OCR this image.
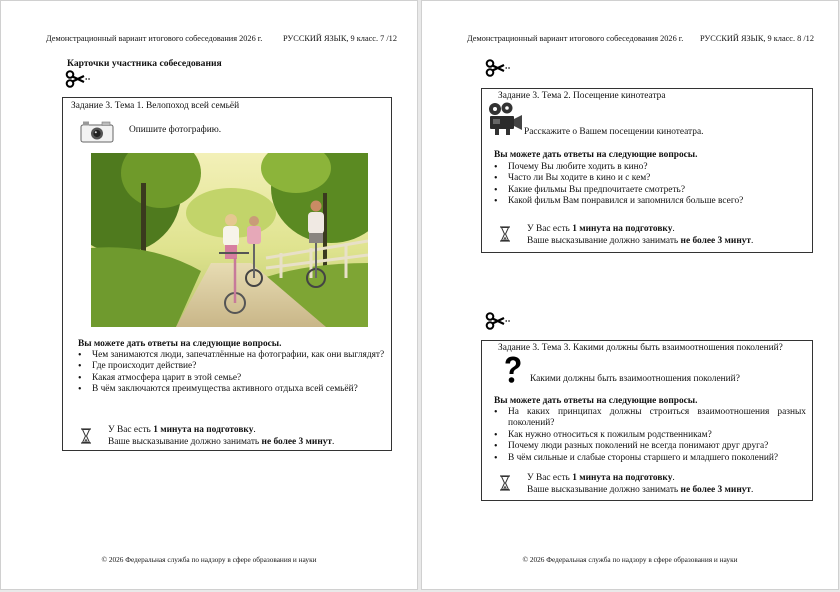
Демонстрационный вариант итогового собеседования 2026 г. РУССКИЙ ЯЗЫК, 9 класс. 7 /12
Карточки участника собеседования
Задание 3. Тема 1. Велопоход всей семьёй
Опишите фотографию.
Вы можете дать ответы на следующие вопросы.
• Чем занимаются люди, запечатлённые на фотографии, как они выглядят?
• Где происходит действие?
• Какая атмосфера царит в этой семье?
• В чём заключаются преимущества активного отдыха всей семьёй?
У Вас есть 1 минута на подготовку.
Ваше высказывание должно занимать не более 3 минут.
© 2026 Федеральная служба по надзору в сфере образования и науки
Демонстрационный вариант итогового собеседования 2026 г. РУССКИЙ ЯЗЫК, 9 класс. 8 /12
Задание 3. Тема 2. Посещение кинотеатра
Расскажите о Вашем посещении кинотеатра.
Вы можете дать ответы на следующие вопросы.
• Почему Вы любите ходить в кино?
• Часто ли Вы ходите в кино и с кем?
• Какие фильмы Вы предпочитаете смотреть?
• Какой фильм Вам понравился и запомнился больше всего?
У Вас есть 1 минута на подготовку.
Ваше высказывание должно занимать не более 3 минут.
Задание 3. Тема 3. Какими должны быть взаимоотношения поколений?
Какими должны быть взаимоотношения поколений?
Вы можете дать ответы на следующие вопросы.
• На каких принципах должны строиться взаимоотношения разных поколений?
• Как нужно относиться к пожилым родственникам?
• Почему люди разных поколений не всегда понимают друг друга?
• В чём сильные и слабые стороны старшего и младшего поколений?
У Вас есть 1 минута на подготовку.
Ваше высказывание должно занимать не более 3 минут.
© 2026 Федеральная служба по надзору в сфере образования и науки
